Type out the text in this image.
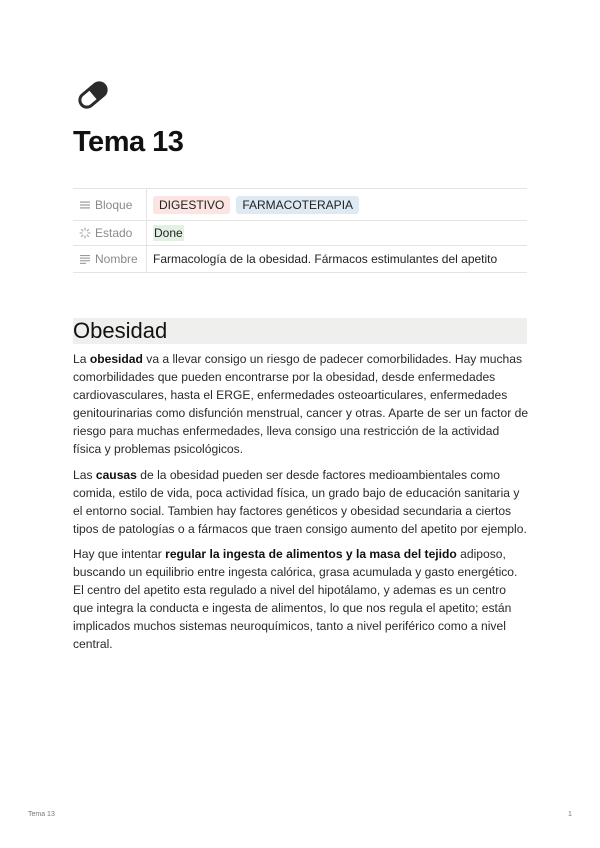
Tema 13
Bloque	DIGESTIVO	FARMACOTERAPIA
Estado Done
Nombre	Farmacología de la obesidad. Fármacos estimulantes del apetito
Obesidad

La obesidad va a llevar consigo un riesgo de padecer comorbilidades. Hay muchas comorbilidades que pueden encontrarse por la obesidad, desde enfermedades cardiovasculares, hasta el ERGE, enfermedades osteoarticulares, enfermedades genitourinarias como disfunción menstrual, cancer y otras. Aparte de ser un factor de riesgo para muchas enfermedades, lleva consigo una restricción de la actividad física y problemas psicológicos.

Las causas de la obesidad pueden ser desde factores medioambientales como comida, estilo de vida, poca actividad física, un grado bajo de educación sanitaria y el entorno social. Tambien hay factores genéticos y obesidad secundaria a ciertos tipos de patologías o a fármacos que traen consigo aumento del apetito por ejemplo.

Hay que intentar regular la ingesta de alimentos y la masa del tejido adiposo, buscando un equilibrio entre ingesta calórica, grasa acumulada y gasto energético. El centro del apetito esta regulado a nivel del hipotálamo, y ademas es un centro que integra la conducta e ingesta de alimentos, lo que nos regula el apetito; están implicados muchos sistemas neuroquímicos, tanto a nivel periférico como a nivel central.

Tema 13	1
